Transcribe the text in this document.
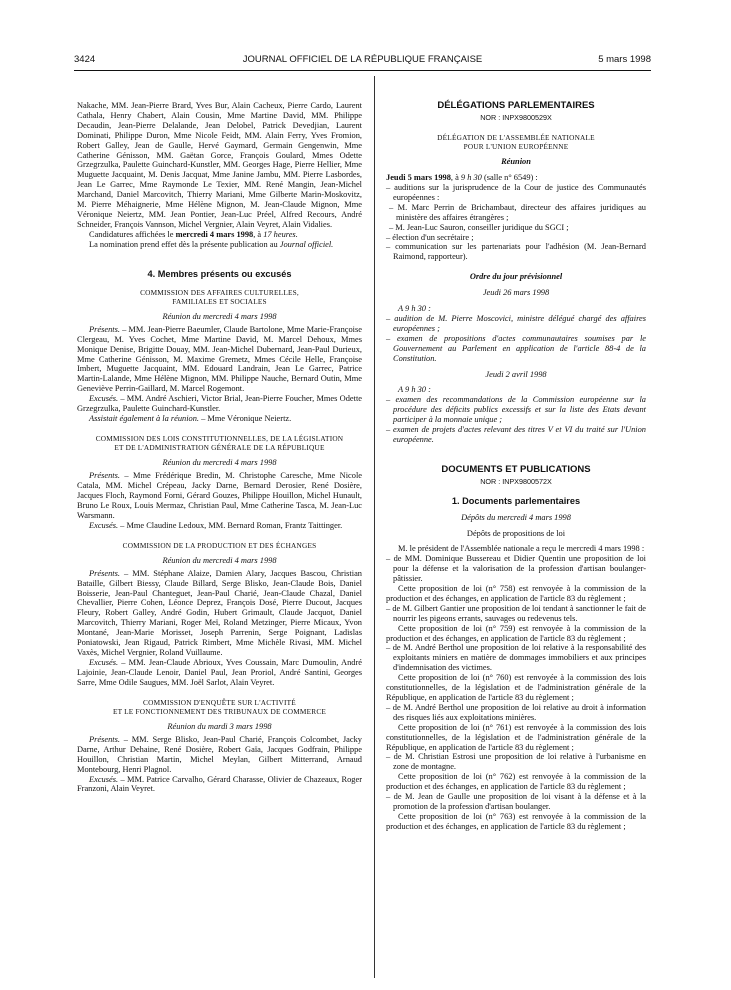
3424	JOURNAL OFFICIEL DE LA RÉPUBLIQUE FRANÇAISE	5 mars 1998

Nakache, MM. Jean-Pierre Brard, Yves Bur, Alain Cacheux, Pierre Cardo, Laurent Cathala, Henry Chabert, Alain Cousin, Mme Martine David, MM. Philippe Decaudin, Jean-Pierre Delalande, Jean Delobel, Patrick Devedjian, Laurent Dominati, Philippe Duron, Mme Nicole Feidt, MM. Alain Ferry, Yves Fromion, Robert Galley, Jean de Gaulle, Hervé Gaymard, Germain Gengenwin, Mme Catherine Génisson, MM. Gaëtan Gorce, François Goulard, Mmes Odette Grzegrzulka, Paulette Guinchard-Kunstler, MM. Georges Hage, Pierre Hellier, Mme Muguette Jacquaint, M. Denis Jacquat, Mme Janine Jambu, MM. Pierre Lasbordes, Jean Le Garrec, Mme Raymonde Le Texier, MM. René Mangin, Jean-Michel Marchand, Daniel Marcovitch, Thierry Mariani, Mme Gilberte Marin-Moskovitz, M. Pierre Méhaignerie, Mme Hélène Mignon, M. Jean-Claude Mignon, Mme Véronique Neiertz, MM. Jean Pontier, Jean-Luc Préel, Alfred Recours, André Schneider, François Vannson, Michel Vergnier, Alain Veyret, Alain Vidalies.

Candidatures affichées le mercredi 4 mars 1998, à 17 heures.

La nomination prend effet dès la présente publication au Journal officiel.

4. Membres présents ou excusés
COMMISSION DES AFFAIRES CULTURELLES,
FAMILIALES ET SOCIALES

Réunion du mercredi 4 mars 1998

Présents. – MM. Jean-Pierre Baeumler, Claude Bartolone, Mme Marie-Françoise Clergeau, M. Yves Cochet, Mme Martine David, M. Marcel Dehoux, Mmes Monique Denise, Brigitte Douay, MM. Jean-Michel Dubernard, Jean-Paul Durieux, Mme Catherine Génisson, M. Maxime Gremetz, Mmes Cécile Helle, Françoise Imbert, Muguette Jacquaint, MM. Edouard Landrain, Jean Le Garrec, Patrice Martin-Lalande, Mme Hélène Mignon, MM. Philippe Nauche, Bernard Outin, Mme Geneviève Perrin-Gaillard, M. Marcel Rogemont.

Excusés. – MM. André Aschieri, Victor Brial, Jean-Pierre Foucher, Mmes Odette Grzegrzulka, Paulette Guinchard-Kunstler.

Assistait également à la réunion. – Mme Véronique Neiertz.

COMMISSION DES LOIS CONSTITUTIONNELLES, DE LA LÉGISLATION
ET DE L'ADMINISTRATION GÉNÉRALE DE LA RÉPUBLIQUE

Réunion du mercredi 4 mars 1998

Présents. – Mme Frédérique Bredin, M. Christophe Caresche, Mme Nicole Catala, MM. Michel Crépeau, Jacky Darne, Bernard Derosier, René Dosière, Jacques Floch, Raymond Forni, Gérard Gouzes, Philippe Houillon, Michel Hunault, Bruno Le Roux, Louis Mermaz, Christian Paul, Mme Catherine Tasca, M. Jean-Luc Warsmann.

Excusés. – Mme Claudine Ledoux, MM. Bernard Roman, Frantz Taittinger.

COMMISSION DE LA PRODUCTION ET DES ÉCHANGES

Réunion du mercredi 4 mars 1998

Présents. – MM. Stéphane Alaize, Damien Alary, Jacques Bascou, Christian Bataille, Gilbert Biessy, Claude Billard, Serge Blisko, Jean-Claude Bois, Daniel Boisserie, Jean-Paul Chanteguet, Jean-Paul Charié, Jean-Claude Chazal, Daniel Chevallier, Pierre Cohen, Léonce Deprez, François Dosé, Pierre Ducout, Jacques Fleury, Robert Galley, André Godin, Hubert Grimault, Claude Jacquot, Daniel Marcovitch, Thierry Mariani, Roger Meï, Roland Metzinger, Pierre Micaux, Yvon Montané, Jean-Marie Morisset, Joseph Parrenin, Serge Poignant, Ladislas Poniatowski, Jean Rigaud, Patrick Rimbert, Mme Michèle Rivasi, MM. Michel Vaxès, Michel Vergnier, Roland Vuillaume.

Excusés. – MM. Jean-Claude Abrioux, Yves Coussain, Marc Dumoulin, André Lajoinie, Jean-Claude Lenoir, Daniel Paul, Jean Proriol, André Santini, Georges Sarre, Mme Odile Saugues, MM. Joël Sarlot, Alain Veyret.

COMMISSION D'ENQUÊTE SUR L'ACTIVITÉ
ET LE FONCTIONNEMENT DES TRIBUNAUX DE COMMERCE

Réunion du mardi 3 mars 1998

Présents. – MM. Serge Blisko, Jean-Paul Charié, François Colcombet, Jacky Darne, Arthur Dehaine, René Dosière, Robert Gaïa, Jacques Godfrain, Philippe Houillon, Christian Martin, Michel Meylan, Gilbert Mitterrand, Arnaud Montebourg, Henri Plagnol.

Excusés. – MM. Patrice Carvalho, Gérard Charasse, Olivier de Chazeaux, Roger Franzoni, Alain Veyret.

DÉLÉGATIONS PARLEMENTAIRES
NOR : INPX9800529X
DÉLÉGATION DE L'ASSEMBLÉE NATIONALE
POUR L'UNION EUROPÉENNE

Réunion

Jeudi 5 mars 1998, à 9 h 30 (salle n° 6549) :

– auditions sur la jurisprudence de la Cour de justice des Communautés européennes :

– M. Marc Perrin de Brichambaut, directeur des affaires juridiques au ministère des affaires étrangères ;

– M. Jean-Luc Sauron, conseiller juridique du SGCI ;

– élection d'un secrétaire ;

– communication sur les partenariats pour l'adhésion (M. Jean-Bernard Raimond, rapporteur).

Ordre du jour prévisionnel

Jeudi 26 mars 1998

A 9 h 30 :

– audition de M. Pierre Moscovici, ministre délégué chargé des affaires européennes ;

– examen de propositions d'actes communautaires soumises par le Gouvernement au Parlement en application de l'article 88-4 de la Constitution.

Jeudi 2 avril 1998

A 9 h 30 :

– examen des recommandations de la Commission européenne sur la procédure des déficits publics excessifs et sur la liste des Etats devant participer à la monnaie unique ;

– examen de projets d'actes relevant des titres V et VI du traité sur l'Union européenne.

DOCUMENTS ET PUBLICATIONS
NOR : INPX9800572X
1. Documents parlementaires

Dépôts du mercredi 4 mars 1998

Dépôts de propositions de loi

M. le président de l'Assemblée nationale a reçu le mercredi 4 mars 1998 :

– de MM. Dominique Bussereau et Didier Quentin une proposition de loi pour la défense et la valorisation de la profession d'artisan boulanger-pâtissier.

Cette proposition de loi (n° 758) est renvoyée à la commission de la production et des échanges, en application de l'article 83 du règlement ;

– de M. Gilbert Gantier une proposition de loi tendant à sanctionner le fait de nourrir les pigeons errants, sauvages ou redevenus tels.

Cette proposition de loi (n° 759) est renvoyée à la commission de la production et des échanges, en application de l'article 83 du règlement ;

– de M. André Berthol une proposition de loi relative à la responsabilité des exploitants miniers en matière de dommages immobiliers et aux principes d'indemnisation des victimes.

Cette proposition de loi (n° 760) est renvoyée à la commission des lois constitutionnelles, de la législation et de l'administration générale de la République, en application de l'article 83 du règlement ;

– de M. André Berthol une proposition de loi relative au droit à information des risques liés aux exploitations minières.

Cette proposition de loi (n° 761) est renvoyée à la commission des lois constitutionnelles, de la législation et de l'administration générale de la République, en application de l'article 83 du règlement ;

– de M. Christian Estrosi une proposition de loi relative à l'urbanisme en zone de montagne.

Cette proposition de loi (n° 762) est renvoyée à la commission de la production et des échanges, en application de l'article 83 du règlement ;

– de M. Jean de Gaulle une proposition de loi visant à la défense et à la promotion de la profession d'artisan boulanger.

Cette proposition de loi (n° 763) est renvoyée à la commission de la production et des échanges, en application de l'article 83 du règlement ;
